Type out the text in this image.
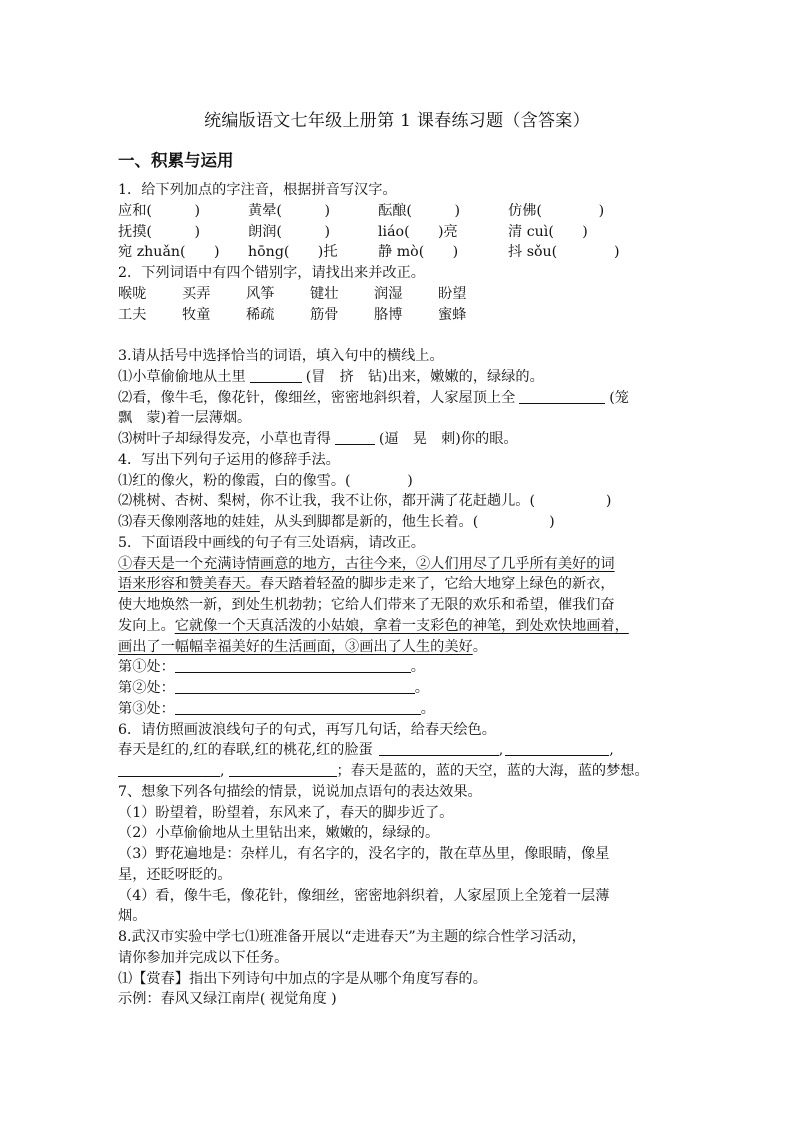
统编版语文七年级上册第 1 课春练习题（含答案）
一、积累与运用
1．给下列加点的字注音，根据拼音写汉字。
应和(　　　)	黄晕(　　　)	酝酿(　　　)	仿佛(　　　　)
抚摸(　　　)	朗润(　　　)	liáo(　　)亮	清 cuì(　　)
宛 zhuǎn(　　) hōng(　　)托	静 mò(　　)	抖 sǒu(　　　　)
2．下列词语中有四个错别字，请找出来并改正。
喉咙	买弄	风筝	键壮	润湿	盼望
工夫	牧童	稀疏	筋骨	胳博	蜜蜂
3.请从括号中选择恰当的词语，填入句中的横线上。
⑴小草偷偷地从土里	(冒　挤　钻)出来，嫩嫩的，绿绿的。
⑵看，像牛毛，像花针，像细丝，密密地斜织着，人家屋顶上全	(笼
飘　蒙)着一层薄烟。
⑶树叶子却绿得发亮，小草也青得	(逼　晃　刺)你的眼。
4．写出下列句子运用的修辞手法。
⑴红的像火，粉的像霞，白的像雪。(　　　　)
⑵桃树、杏树、梨树，你不让我，我不让你，都开满了花赶趟儿。(　　　　　)
⑶春天像刚落地的娃娃，从头到脚都是新的，他生长着。(　　　　　)
5．下面语段中画线的句子有三处语病，请改正。
①春天是一个充满诗情画意的地方，古往今来，②人们用尽了几乎所有美好的词
语来形容和赞美春天。春天踏着轻盈的脚步走来了，它给大地穿上绿色的新衣，
使大地焕然一新，到处生机勃勃；它给人们带来了无限的欢乐和希望，催我们奋
发向上。它就像一个天真活泼的小姑娘，拿着一支彩色的神笔，到处欢快地画着，
画出了一幅幅幸福美好的生活画面，③画出了人生的美好。
第①处：	。
第②处：	。
第③处：	。
6．请仿照画波浪线句子的句式，再写几句话，给春天绘色。
春天是红的,红的春联,红的桃花,红的脸蛋	,	,
,	；春天是蓝的，蓝的天空，蓝的大海，蓝的梦想。
7、想象下列各句描绘的情景，说说加点语句的表达效果。
（1）盼望着，盼望着，东风来了，春天的脚步近了。
（2）小草偷偷地从土里钻出来，嫩嫩的，绿绿的。
（3）野花遍地是：杂样儿，有名字的，没名字的，散在草丛里，像眼睛，像星
星，还眨呀眨的。
（4）看，像牛毛，像花针，像细丝，密密地斜织着，人家屋顶上全笼着一层薄
烟。
8.武汉市实验中学七⑴班准备开展以“走进春天”为主题的综合性学习活动，
请你参加并完成以下任务。
⑴【赏春】指出下列诗句中加点的字是从哪个角度写春的。
示例：春风又绿江南岸( 视觉角度 )
